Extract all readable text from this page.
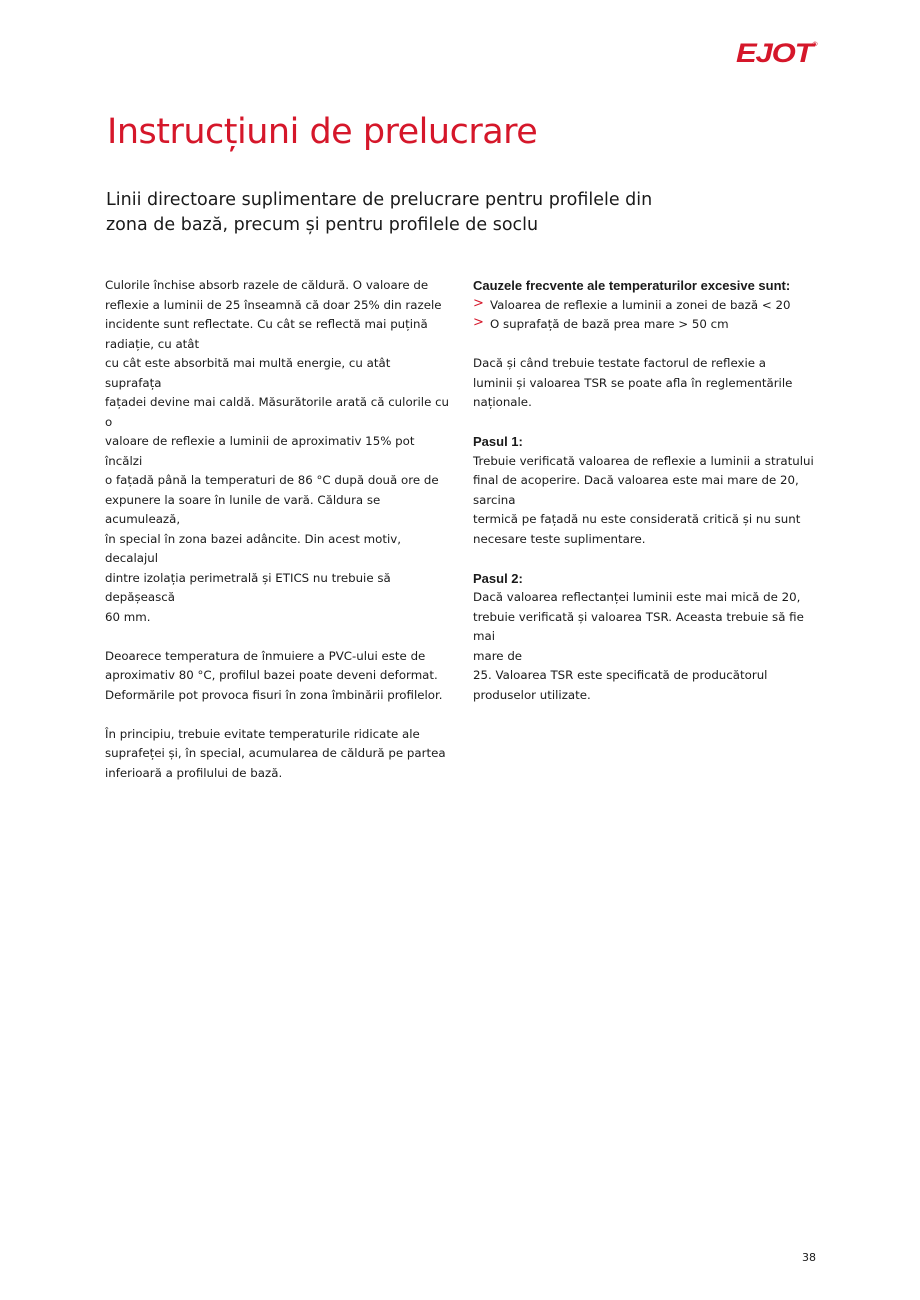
EJOT®
Instrucțiuni de prelucrare
Linii directoare suplimentare de prelucrare pentru profilele din
zona de bază, precum și pentru profilele de soclu

Culorile închise absorb razele de căldură. O valoare de
reflexie a luminii de 25 înseamnă că doar 25% din razele
incidente sunt reflectate. Cu cât se reflectă mai puțină
radiație, cu atât
cu cât este absorbită mai multă energie, cu atât suprafața
fațadei devine mai caldă. Măsurătorile arată că culorile cu o
valoare de reflexie a luminii de aproximativ 15% pot încălzi
o fațadă până la temperaturi de 86 °C după două ore de
expunere la soare în lunile de vară. Căldura se acumulează,
în special în zona bazei adâncite. Din acest motiv, decalajul
dintre izolația perimetrală și ETICS nu trebuie să depășească
60 mm.

Deoarece temperatura de înmuiere a PVC-ului este de
aproximativ 80 °C, profilul bazei poate deveni deformat.
Deformările pot provoca fisuri în zona îmbinării profilelor.

În principiu, trebuie evitate temperaturile ridicate ale
suprafeței și, în special, acumularea de căldură pe partea
inferioară a profilului de bază.

Cauzele frecvente ale temperaturilor excesive sunt:
> Valoarea de reflexie a luminii a zonei de bază < 20
> O suprafață de bază prea mare > 50 cm

Dacă și când trebuie testate factorul de reflexie a
luminii și valoarea TSR se poate afla în reglementările
naționale.

Pasul 1:

Trebuie verificată valoarea de reflexie a luminii a stratului
final de acoperire. Dacă valoarea este mai mare de 20, sarcina
termică pe fațadă nu este considerată critică și nu sunt
necesare teste suplimentare.

Pasul 2:

Dacă valoarea reflectanței luminii este mai mică de 20,
trebuie verificată și valoarea TSR. Aceasta trebuie să fie mai
mare de
25. Valoarea TSR este specificată de producătorul
produselor utilizate.

38
